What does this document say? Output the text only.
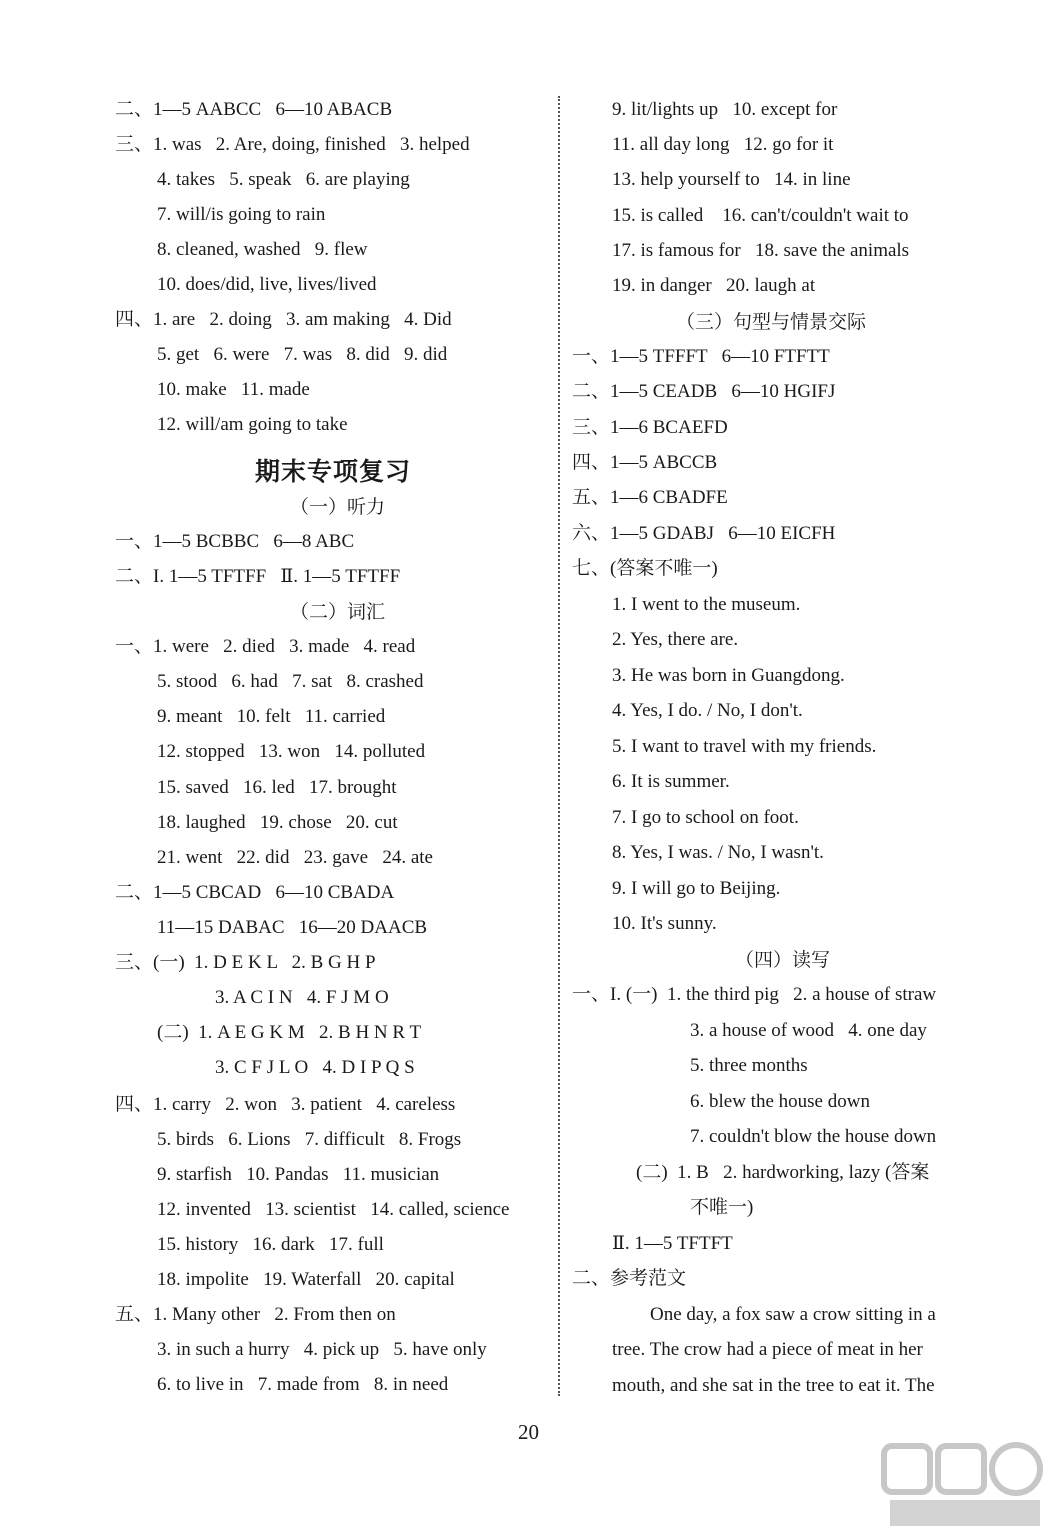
二、1—5 AABCC   6—10 ABACB
三、1. was   2. Are, doing, finished   3. helped
4. takes   5. speak   6. are playing
7. will/is going to rain
8. cleaned, washed   9. flew
10. does/did, live, lives/lived
四、1. are   2. doing   3. am making   4. Did
5. get   6. were   7. was   8. did   9. did
10. make   11. made
12. will/am going to take
期末专项复习
（一）听力
一、1—5 BCBBC   6—8 ABC
二、I. 1—5 TFTFF   Ⅱ. 1—5 TFTFF
（二）词汇
一、1. were   2. died   3. made   4. read
5. stood   6. had   7. sat   8. crashed
9. meant   10. felt   11. carried
12. stopped   13. won   14. polluted
15. saved   16. led   17. brought
18. laughed   19. chose   20. cut
21. went   22. did   23. gave   24. ate
二、1—5 CBCAD   6—10 CBADA
11—15 DABAC   16—20 DAACB
三、(一)  1. D E K L   2. B G H P
3. A C I N   4. F J M O
(二)  1. A E G K M   2. B H N R T
3. C F J L O   4. D I P Q S
四、1. carry   2. won   3. patient   4. careless
5. birds   6. Lions   7. difficult   8. Frogs
9. starfish   10. Pandas   11. musician
12. invented   13. scientist   14. called, science
15. history   16. dark   17. full
18. impolite   19. Waterfall   20. capital
五、1. Many other   2. From then on
3. in such a hurry   4. pick up   5. have only
6. to live in   7. made from   8. in need
9. lit/lights up   10. except for
11. all day long   12. go for it
13. help yourself to   14. in line
15. is called    16. can't/couldn't wait to
17. is famous for   18. save the animals
19. in danger   20. laugh at
（三）句型与情景交际
一、1—5 TFFFT   6—10 FTFTT
二、1—5 CEADB   6—10 HGIFJ
三、1—6 BCAEFD
四、1—5 ABCCB
五、1—6 CBADFE
六、1—5 GDABJ   6—10 EICFH
七、(答案不唯一)
1. I went to the museum.
2. Yes, there are.
3. He was born in Guangdong.
4. Yes, I do. / No, I don't.
5. I want to travel with my friends.
6. It is summer.
7. I go to school on foot.
8. Yes, I was. / No, I wasn't.
9. I will go to Beijing.
10. It's sunny.
（四）读写
一、I. (一)  1. the third pig   2. a house of straw
3. a house of wood   4. one day
5. three months
6. blew the house down
7. couldn't blow the house down
(二)  1. B   2. hardworking, lazy (答案
不唯一)
Ⅱ. 1—5 TFTFT
二、参考范文
One day, a fox saw a crow sitting in a
tree. The crow had a piece of meat in her
mouth, and she sat in the tree to eat it. The
20
